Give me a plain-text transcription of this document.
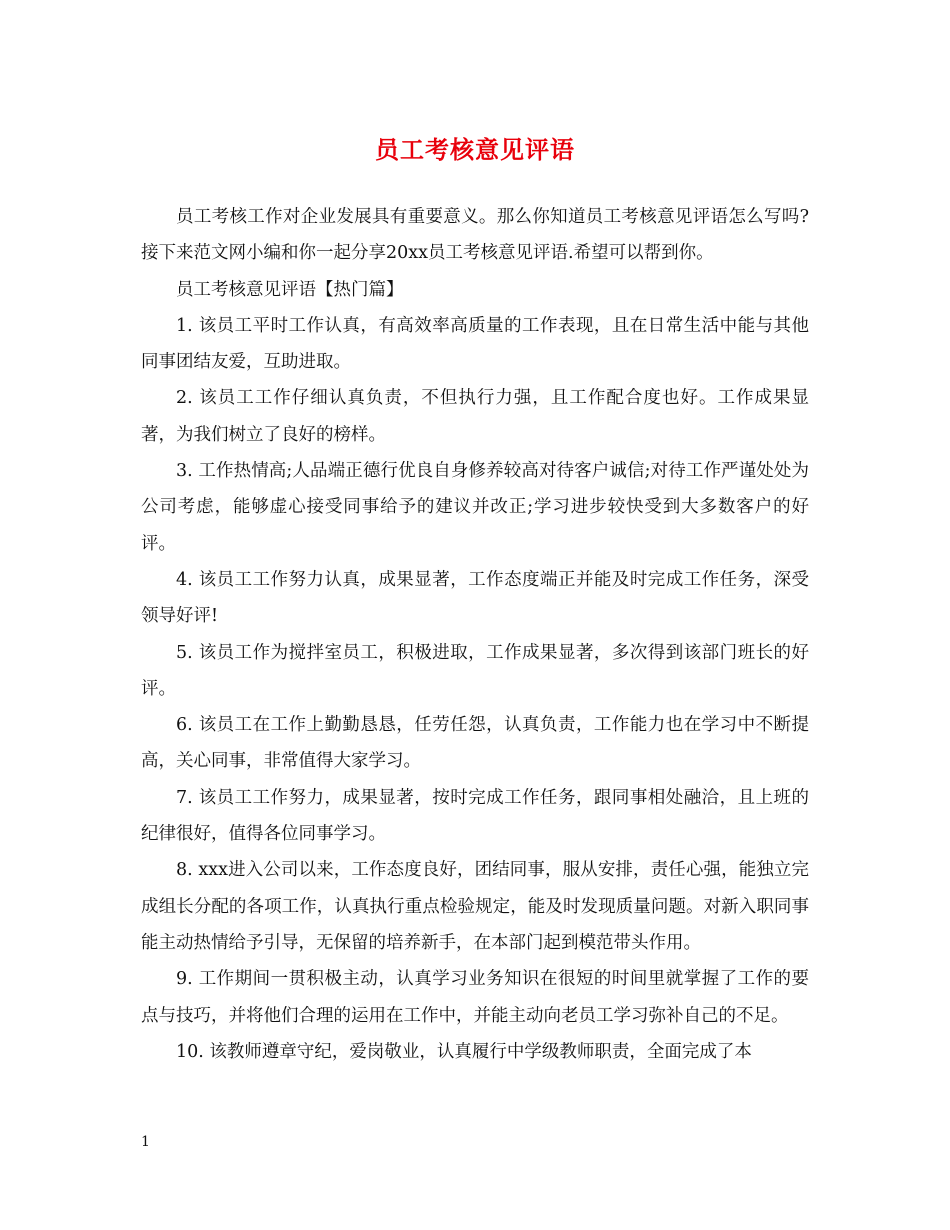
员工考核意见评语

员工考核工作对企业发展具有重要意义。那么你知道员工考核意见评语怎么写吗?接下来范文网小编和你一起分享20xx员工考核意见评语.希望可以帮到你。

员工考核意见评语【热门篇】

1. 该员工平时工作认真，有高效率高质量的工作表现，且在日常生活中能与其他同事团结友爱，互助进取。

2. 该员工工作仔细认真负责，不但执行力强，且工作配合度也好。工作成果显著，为我们树立了良好的榜样。

3. 工作热情高;人品端正德行优良自身修养较高对待客户诚信;对待工作严谨处处为公司考虑，能够虚心接受同事给予的建议并改正;学习进步较快受到大多数客户的好评。

4. 该员工工作努力认真，成果显著，工作态度端正并能及时完成工作任务，深受领导好评!

5. 该员工作为搅拌室员工，积极进取，工作成果显著，多次得到该部门班长的好评。

6. 该员工在工作上勤勤恳恳，任劳任怨，认真负责，工作能力也在学习中不断提高，关心同事，非常值得大家学习。

7. 该员工工作努力，成果显著，按时完成工作任务，跟同事相处融洽，且上班的纪律很好，值得各位同事学习。

8. xxx进入公司以来，工作态度良好，团结同事，服从安排，责任心强，能独立完成组长分配的各项工作，认真执行重点检验规定，能及时发现质量问题。对新入职同事能主动热情给予引导，无保留的培养新手，在本部门起到模范带头作用。

9. 工作期间一贯积极主动，认真学习业务知识在很短的时间里就掌握了工作的要点与技巧，并将他们合理的运用在工作中，并能主动向老员工学习弥补自己的不足。

10. 该教师遵章守纪，爱岗敬业，认真履行中学级教师职责，全面完成了本

1
